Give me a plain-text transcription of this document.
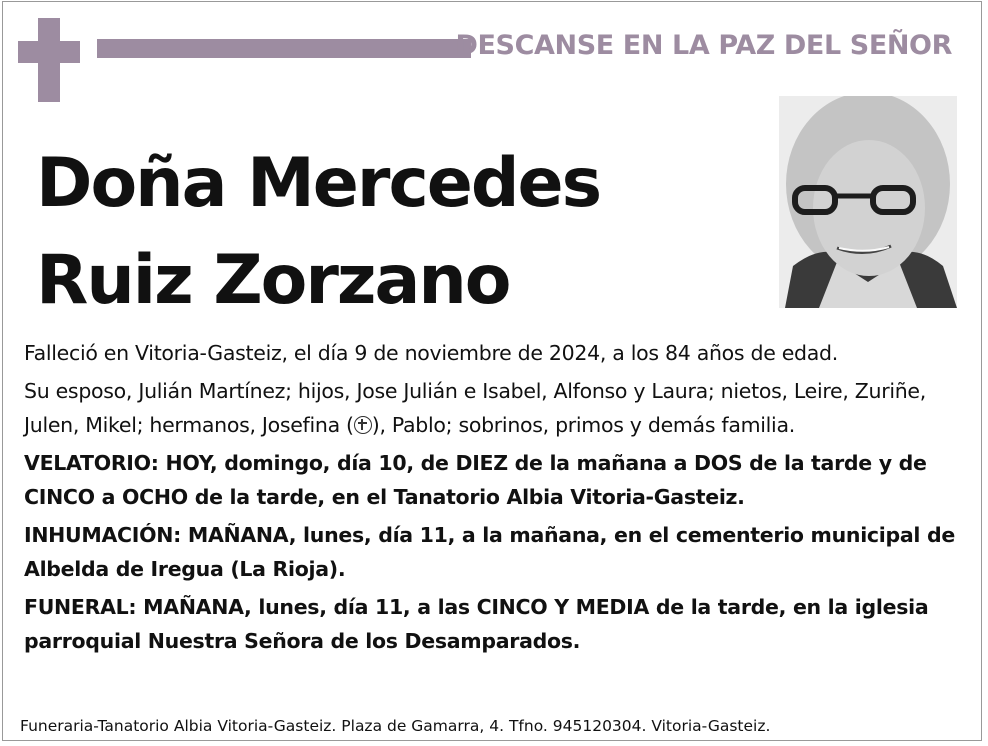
DESCANSE EN LA PAZ DEL SEÑOR
Doña Mercedes
Ruiz Zorzano

Falleció en Vitoria-Gasteiz, el día 9 de noviembre de 2024, a los 84 años de edad.

Su esposo, Julián Martínez; hijos, Jose Julián e Isabel, Alfonso y Laura; nietos, Leire, Zuriñe, Julen, Mikel; hermanos, Josefina ( ), Pablo; sobrinos, primos y demás familia.

VELATORIO: HOY, domingo, día 10, de DIEZ de la mañana a DOS de la tarde y de CINCO a OCHO de la tarde, en el Tanatorio Albia Vitoria-Gasteiz.

INHUMACIÓN: MAÑANA, lunes, día 11, a la mañana, en el cementerio municipal de Albelda de Iregua (La Rioja).

FUNERAL: MAÑANA, lunes, día 11, a las CINCO Y MEDIA de la tarde, en la iglesia parroquial Nuestra Señora de los Desamparados.

Funeraria-Tanatorio Albia Vitoria-Gasteiz. Plaza de Gamarra, 4. Tfno. 945120304. Vitoria-Gasteiz.
